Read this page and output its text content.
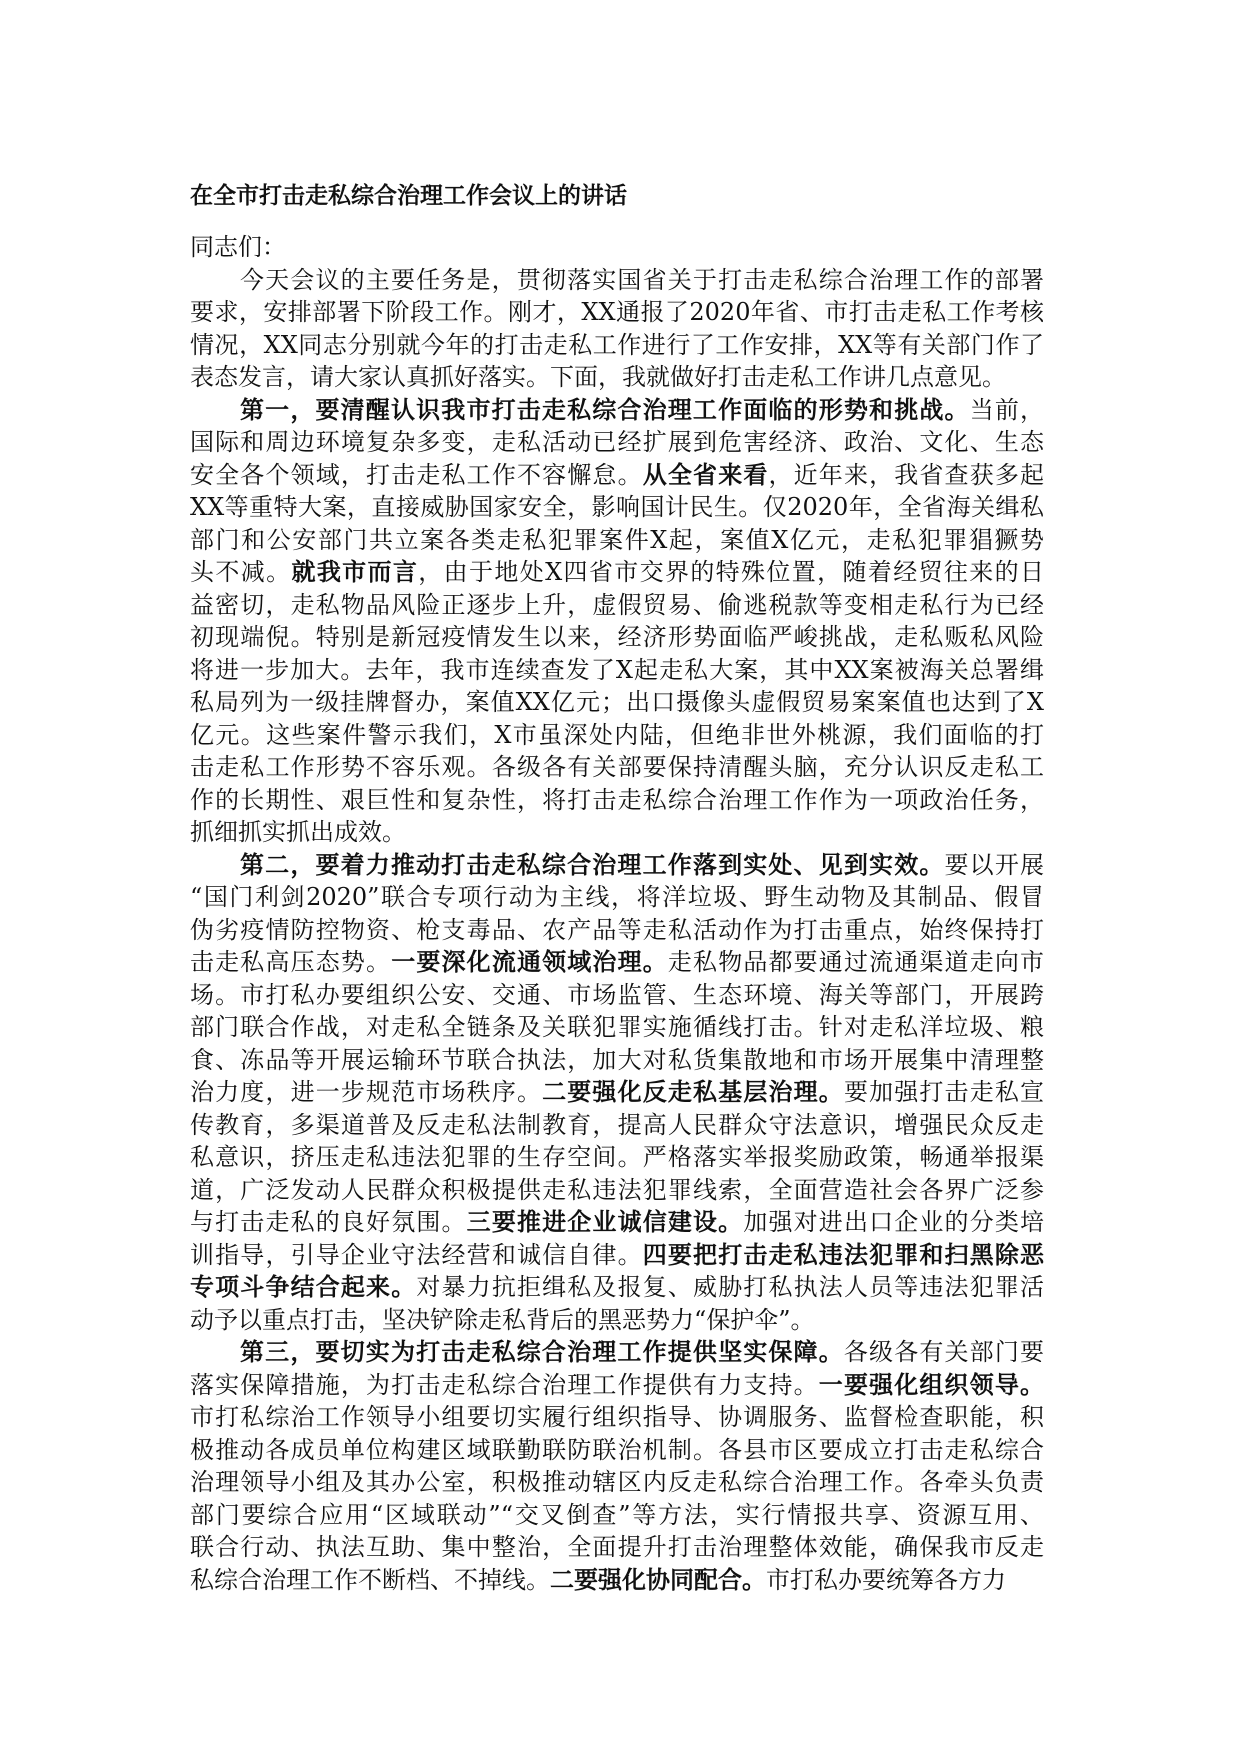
在全市打击走私综合治理工作会议上的讲话
同志们：
今天会议的主要任务是，贯彻落实国省关于打击走私综合治理工作的部署
要求，安排部署下阶段工作。刚才，XX通报了2020年省、市打击走私工作考核
情况，XX同志分别就今年的打击走私工作进行了工作安排，XX等有关部门作了
表态发言，请大家认真抓好落实。下面，我就做好打击走私工作讲几点意见。
第一，要清醒认识我市打击走私综合治理工作面临的形势和挑战。当前，
国际和周边环境复杂多变，走私活动已经扩展到危害经济、政治、文化、生态
安全各个领域，打击走私工作不容懈怠。从全省来看，近年来，我省查获多起
XX等重特大案，直接威胁国家安全，影响国计民生。仅2020年，全省海关缉私
部门和公安部门共立案各类走私犯罪案件X起，案值X亿元，走私犯罪猖獗势
头不减。就我市而言，由于地处X四省市交界的特殊位置，随着经贸往来的日
益密切，走私物品风险正逐步上升，虚假贸易、偷逃税款等变相走私行为已经
初现端倪。特别是新冠疫情发生以来，经济形势面临严峻挑战，走私贩私风险
将进一步加大。去年，我市连续查发了X起走私大案，其中XX案被海关总署缉
私局列为一级挂牌督办，案值XX亿元；出口摄像头虚假贸易案案值也达到了X
亿元。这些案件警示我们，X市虽深处内陆，但绝非世外桃源，我们面临的打
击走私工作形势不容乐观。各级各有关部要保持清醒头脑，充分认识反走私工
作的长期性、艰巨性和复杂性，将打击走私综合治理工作作为一项政治任务，
抓细抓实抓出成效。
第二，要着力推动打击走私综合治理工作落到实处、见到实效。要以开展
“国门利剑2020”联合专项行动为主线，将洋垃圾、野生动物及其制品、假冒
伪劣疫情防控物资、枪支毒品、农产品等走私活动作为打击重点，始终保持打
击走私高压态势。一要深化流通领域治理。走私物品都要通过流通渠道走向市
场。市打私办要组织公安、交通、市场监管、生态环境、海关等部门，开展跨
部门联合作战，对走私全链条及关联犯罪实施循线打击。针对走私洋垃圾、粮
食、冻品等开展运输环节联合执法，加大对私货集散地和市场开展集中清理整
治力度，进一步规范市场秩序。二要强化反走私基层治理。要加强打击走私宣
传教育，多渠道普及反走私法制教育，提高人民群众守法意识，增强民众反走
私意识，挤压走私违法犯罪的生存空间。严格落实举报奖励政策，畅通举报渠
道，广泛发动人民群众积极提供走私违法犯罪线索，全面营造社会各界广泛参
与打击走私的良好氛围。三要推进企业诚信建设。加强对进出口企业的分类培
训指导，引导企业守法经营和诚信自律。四要把打击走私违法犯罪和扫黑除恶
专项斗争结合起来。对暴力抗拒缉私及报复、威胁打私执法人员等违法犯罪活
动予以重点打击，坚决铲除走私背后的黑恶势力“保护伞”。
第三，要切实为打击走私综合治理工作提供坚实保障。各级各有关部门要
落实保障措施，为打击走私综合治理工作提供有力支持。一要强化组织领导。
市打私综治工作领导小组要切实履行组织指导、协调服务、监督检查职能，积
极推动各成员单位构建区域联勤联防联治机制。各县市区要成立打击走私综合
治理领导小组及其办公室，积极推动辖区内反走私综合治理工作。各牵头负责
部门要综合应用“区域联动”“交叉倒查”等方法，实行情报共享、资源互用、
联合行动、执法互助、集中整治，全面提升打击治理整体效能，确保我市反走
私综合治理工作不断档、不掉线。二要强化协同配合。市打私办要统筹各方力
